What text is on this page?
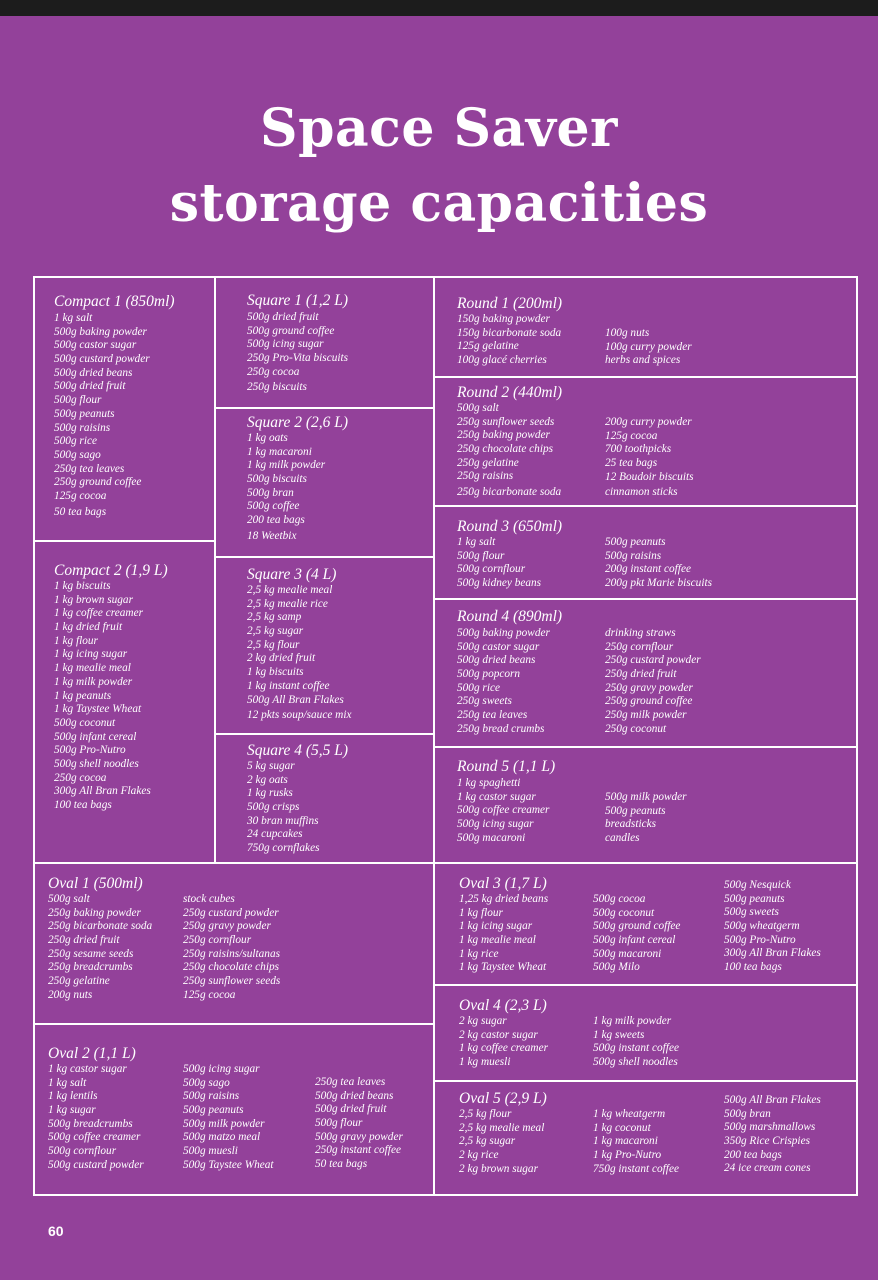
Space Saver
storage capacities
Compact 1 (850ml)
1 kg salt
500g baking powder
500g castor sugar
500g custard powder
500g dried beans
500g dried fruit
500g flour
500g peanuts
500g raisins
500g rice
500g sago
250g tea leaves
250g ground coffee
125g cocoa
50 tea bags
Compact 2 (1,9 L)
1 kg biscuits
1 kg brown sugar
1 kg coffee creamer
1 kg dried fruit
1 kg flour
1 kg icing sugar
1 kg mealie meal
1 kg milk powder
1 kg peanuts
1 kg Taystee Wheat
500g coconut
500g infant cereal
500g Pro-Nutro
500g shell noodles
250g cocoa
300g All Bran Flakes
100 tea bags
Square 1 (1,2 L)
500g dried fruit
500g ground coffee
500g icing sugar
250g Pro-Vita biscuits
250g cocoa
250g biscuits
Square 2 (2,6 L)
1 kg oats
1 kg macaroni
1 kg milk powder
500g biscuits
500g bran
500g coffee
200 tea bags
18 Weetbix
Square 3 (4 L)
2,5 kg mealie meal
2,5 kg mealie rice
2,5 kg samp
2,5 kg sugar
2,5 kg flour
2 kg dried fruit
1 kg biscuits
1 kg instant coffee
500g All Bran Flakes
12 pkts soup/sauce mix
Square 4 (5,5 L)
5 kg sugar
2 kg oats
1 kg rusks
500g crisps
30 bran muffins
24 cupcakes
750g cornflakes
Round 1 (200ml)
150g baking powder
150g bicarbonate soda
125g gelatine
100g glacé cherries
100g nuts
100g curry powder
herbs and spices
Round 2 (440ml)
500g salt
250g sunflower seeds
250g baking powder
250g chocolate chips
250g gelatine
250g raisins
250g bicarbonate soda
200g curry powder
125g cocoa
700 toothpicks
25 tea bags
12 Boudoir biscuits
cinnamon sticks
Round 3 (650ml)
1 kg salt
500g flour
500g cornflour
500g kidney beans
500g peanuts
500g raisins
200g instant coffee
200g pkt Marie biscuits
Round 4 (890ml)
500g baking powder
500g castor sugar
500g dried beans
500g popcorn
500g rice
250g sweets
250g tea leaves
250g bread crumbs
drinking straws
250g cornflour
250g custard powder
250g dried fruit
250g gravy powder
250g ground coffee
250g milk powder
250g coconut
Round 5 (1,1 L)
1 kg spaghetti
1 kg castor sugar
500g coffee creamer
500g icing sugar
500g macaroni
500g milk powder
500g peanuts
breadsticks
candles
Oval 1 (500ml)
500g salt
250g baking powder
250g bicarbonate soda
250g dried fruit
250g sesame seeds
250g breadcrumbs
250g gelatine
200g nuts
stock cubes
250g custard powder
250g gravy powder
250g cornflour
250g raisins/sultanas
250g chocolate chips
250g sunflower seeds
125g cocoa
Oval 2 (1,1 L)
1 kg castor sugar
1 kg salt
1 kg lentils
1 kg sugar
500g breadcrumbs
500g coffee creamer
500g cornflour
500g custard powder
500g icing sugar
500g sago
500g raisins
500g peanuts
500g milk powder
500g matzo meal
500g muesli
500g Taystee Wheat
250g tea leaves
500g dried beans
500g dried fruit
500g flour
500g gravy powder
250g instant coffee
50 tea bags
Oval 3 (1,7 L)
1,25 kg dried beans
1 kg flour
1 kg icing sugar
1 kg mealie meal
1 kg rice
1 kg Taystee Wheat
500g cocoa
500g coconut
500g ground coffee
500g infant cereal
500g macaroni
500g Milo
500g Nesquick
500g peanuts
500g sweets
500g wheatgerm
500g Pro-Nutro
300g All Bran Flakes
100 tea bags
Oval 4 (2,3 L)
2 kg sugar
2 kg castor sugar
1 kg coffee creamer
1 kg muesli
1 kg milk powder
1 kg sweets
500g instant coffee
500g shell noodles
Oval 5 (2,9 L)
2,5 kg flour
2,5 kg mealie meal
2,5 kg sugar
2 kg rice
2 kg brown sugar
1 kg wheatgerm
1 kg coconut
1 kg macaroni
1 kg Pro-Nutro
750g instant coffee
500g All Bran Flakes
500g bran
500g marshmallows
350g Rice Crispies
200 tea bags
24 ice cream cones
60
